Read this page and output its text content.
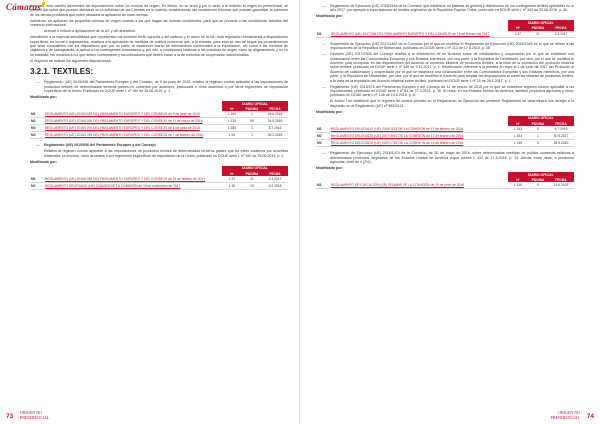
Cámaras

Así pues, este cambio aumentará las importaciones sobre los normas de origen. En efecto, en su tenor y por lo tanto a la relación al origen no preferencial, se pueden dar todos que pueden alentarse en la autoridad de las Cuentas en la materia, estableciendo las condiciones técnicas que puedan garantizar la cohesión de los demás productos que estén ubicados la aplicación de esas normas.

Asimismo, se aplicarán las pequeñas normas de origen cuando a los que hagan las nuevas condiciones, para que se proceda a las condiciones actuales del comercio internacional.

Arancel o reducir a aplicaciones de la UE y del aranceles.

Atendiendo a la especial sensibilidad que representan los sectores textil, agrícola y del carbono y el acero en la UE, esta regulación fundamental a disposiciones específicas, en forma a reglamentos, relativos a la aplicación de medidas de política comercial que, a la entrada, para esta se han de seguir los procedimientos que sean compatibles con los dispositivos que, por su parte, al establecer marco de intercambios comerciales a la importación, así como a las medidas de vigilancia y de salvaguardia, a aplicar a los contingentes arancelarios y, por ello, a condiciones relativas a las prácticas de origen cómo su aligeramiento y no en su totalidad, los modelos a los que deben conformarse y los indicadores que deben incluir a la de métodos de cooperación administrativa.

Al respecto se indican los siguientes disposiciones:

3.2.1. TEXTILES:
— Reglamento (UE) 2015/936 del Parlamento Europeo y del Consejo, de 9 de junio de 2015, relativo al régimen común aplicable a las importaciones de productos textiles de determinados terceros países no cubiertos por acuerdos, protocolos u otros acuerdos o por otros regímenes de importación específicos de la Unión. Publicado en DOUE serie L nº 160 de 25.06.2015, p. 1.
Modificado por:
		DIARIO OFICIAL		
		Nº	PÁGINA	FECHA
M1	REGLAMENTO (UE) 2015/2426 DEL PARLAMENTO EUROPEO Y DEL CONSEJO de 9 de junio de 2015	L 160	1	25.6.2015
M2	REGLAMENTO (UE) 2016/1036 DEL PARLAMENTO EUROPEO Y DEL CONSEJO de 11 de mayo de 2016	L 135	99	24.5.2016
M3	REGLAMENTO (UE) 2016/1076 DEL PARLAMENTO EUROPEO Y DEL CONSEJO de 8 de junio de 2016	L 185	1	8.7.2016
M4	REGLAMENTO (UE) 2016/1789 DEL PARLAMENTO EUROPEO Y DEL CONSEJO de 7 de febrero de 2016	L 94	1	26.2.2016
— Reglamento (UE) 2015/936 del Parlamento Europeo y del Consejo

Relativo al régimen común aplicable a las importaciones de productos textiles de determinados terceros países que no estén cubiertos por acuerdos bilaterales, protocolos, otros acuerdos o por regímenes específicos de importación de la Unión, publicado en DOUE serie L nº 160 de 25.06.2015, p. 1.

Modificado por:
		DIARIO OFICIAL		
		Nº	PÁGINA	FECHA
M1	REGLAMENTO (UE) 2016/1036 DEL PARLAMENTO EUROPEO Y DEL CONSEJO de 15 de febrero de 2017	L 57	31	3.3.2017
M2	REGLAMENTO DELEGADO (UE) 2018/519 DE LA COMISIÓN de 18 de noviembre de 2017	L 30	12	6.2.2018
73
ORIGEN NO
PREFERENCIAL
— Reglamento de Ejecución (UE) 2015/2448 de la Comisión que establece un sistema de gestión y distribución de los contingentes textiles aplicables en el año 2017, por ejemplo a importaciones de textiles originarios de la República Popular China, publicado en DOUE serie L nº 340 de 22.06.2016, p. 30.
Modificado por:
		DIARIO OFICIAL		
		Nº	PÁGINA	FECHA
M1	REGLAMENTO (UE) 2017/354 DEL PARLAMENTO EUROPEO Y DEL CONSEJO de 15 de febrero de 2017	L 57	31	3.3.2017
— Suspensión de Ejecución (UE) 2017/1482 de la Comisión por el que se modifica el Reglamento de Ejecución (UE) 2016/1346 en lo que se refiere a las importaciones de la República de Bielorrusia, publicado en DOUE serie L nº 213 de 17.8.2016, p. 38.
— Decisión (UE) 2017/2304 del Consejo relativa a la celebración de un Acuerdo sobre de colaboración y cooperación por el que se establece una colaboración entre las Comunidades Europeas y sus Estados miembros, por una parte, y la República de Uzbekistán, por otra, por el que se modifica el Acuerdo para incorporar en las disposiciones del Acuerdo al comercio bilateral de productos textiles, a la vista de la expiración del protocolo bilateral sobre textiles, publicado en DOUE serie L nº 349 de 9.12.2017, p. 1. Rectificación referente a la entrada en vigor el 1 de junio de 2017 del Protocolo al Acuerdo de colaboración y cooperación por el que se establece una colaboración entre las Comunidades Europeas y sus Estados miembros, por una parte, y la República de Uzbekistán, por otra, por el que se modifica el Acuerdo para ampliar las disposiciones al comercio bilateral de productos textiles, a la vista de la expiración del Acuerdo bilateral sobre textiles, publicado en DOUE serie L nº 20 de 26.1.2017, p. 1.
— Reglamento (UE) 2015/478 del Parlamento Europeo y del Consejo de 11 de marzo de 2015 por el que se establece régimen común aplicable a las importaciones, publicado en DOUE serie L nº 83 de 27.3.2015, p. 16. En esta, en los Estados Unidos de América, también productos agrícolas y otros, publicado en DOUE serie L nº 146 de 10.6.2015, p. 5.

El Anexo I se establece que el régimen de control previsto en el Reglamento de Ejecución del presente Reglamento se determinará con arreglo a lo dispuesto en el Reglamento (UE) nº 952/2013.

Modificado por:
		DIARIO OFICIAL		
		Nº	PÁGINA	FECHA
M1	REGLAMENTO DELEGADO (UE) 2016/1123 DE LA COMISIÓN de 17 de febrero de 2016	L 183	5	8.7.2016
M2	REGLAMENTO DELEGADO (UE) 2017/3042 DE LA COMISIÓN de 17 de febrero de 2016	L 154	1	30.6.2017
M3	REGLAMENTO DELEGADO (UE) 2020/1769 DE LA COMISIÓN de 15 de febrero de 2016	L 135	5	28.5.2020
— Reglamento de Ejecución (UE) 2016/1474 de la Comisión, de 30 de mayo de 2016, sobre determinadas medidas de política comercial relativas a determinados productos originarios de los Estados Unidos de América cuyos bienes L 122 de 17.5.2016, p. 14. Afecta, entre otras, a productos agrícolas, textil en 4 (2%).
Modificado por:
		DIARIO OFICIAL		
		Nº	PÁGINA	FECHA
M1	REGLAMENTO DE EJECUCIÓN (UE) 2016/898 DE LA COMISIÓN de 10 de junio de 2016	L 138	5	21.6.2018
ORIGEN NO
PREFERENCIAL 74
